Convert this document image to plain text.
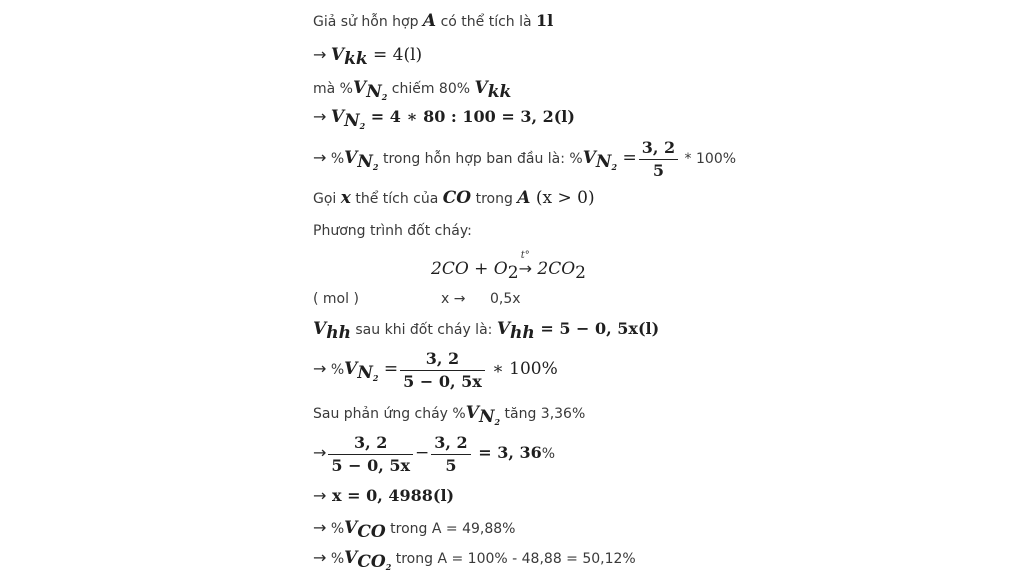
Giả sử hỗn hợp A có thể tích là 1l
→ $V_{kk} = 4(l)$
mà $\%V_{N_2}$ chiếm 80% $V_{kk}$
→ $V_{N_2} = 4$ ∗ 80 : 100 = 3, 2(l)
→ $\%V_{N_2}$ trong hỗn hợp ban đầu là: $\%V_{N_2} = \frac{3, 2}{5} * 100\%$
Gọi x thể tích của CO trong A (x > 0)
Phương trình đốt cháy:
$2CO + O_2$
t°
→ $2CO_2$
( mol )	x → 0,5x
$V_{hh}$ sau khi đốt cháy là: $V_{hh} = 5 - 0$, 5x(l)
→ $\%V_{N_2} = \frac{3, 2}{5 - 0, 5x}$ ∗ 100%
Sau phản ứng cháy $\%V_{N_2}$ tăng 3,36%
→ $\frac{3, 2}{5 - 0, 5x} - \frac{3, 2}{5} = 3$, 36%
→ x = 0, 4988(l)
→ $\%V_{CO}$ trong A = 49,88%
→ $\%V_{CO_2}$ trong A = 100% - 48,88 = 50,12%
